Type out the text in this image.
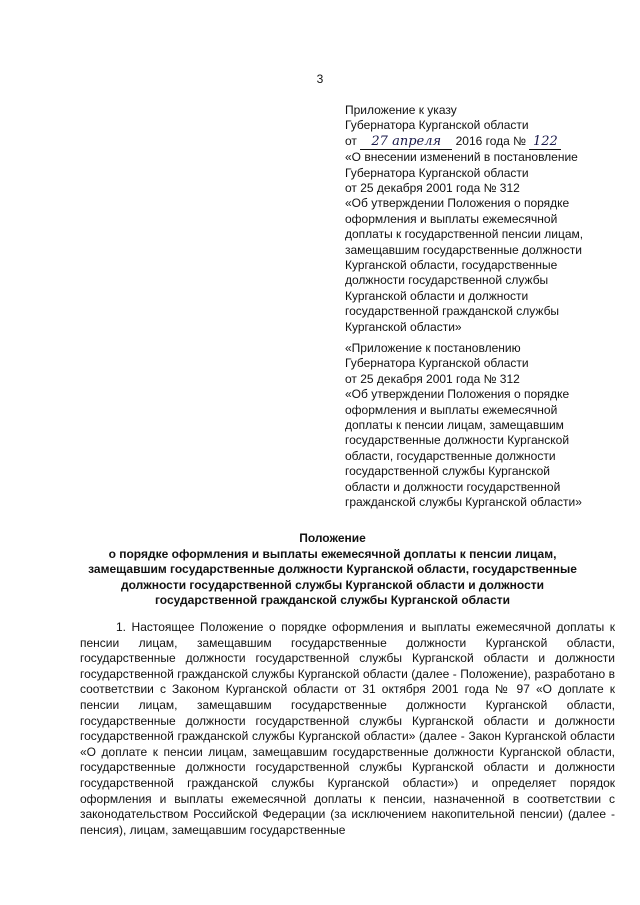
3
Приложение к указу
Губернатора Курганской области
от 27 апреля 2016 года № 122
«О внесении изменений в постановление
Губернатора Курганской области
от 25 декабря 2001 года № 312
«Об утверждении Положения о порядке
оформления и выплаты ежемесячной
доплаты к государственной пенсии лицам,
замещавшим государственные должности
Курганской области, государственные
должности государственной службы
Курганской области и должности
государственной гражданской службы
Курганской области»
«Приложение к постановлению
Губернатора Курганской области
от 25 декабря 2001 года № 312
«Об утверждении Положения о порядке
оформления и выплаты ежемесячной
доплаты к пенсии лицам, замещавшим
государственные должности Курганской
области, государственные должности
государственной службы Курганской
области и должности государственной
гражданской службы Курганской области»
Положение
о порядке оформления и выплаты ежемесячной доплаты к пенсии лицам,
замещавшим государственные должности Курганской области, государственные
должности государственной службы Курганской области и должности
государственной гражданской службы Курганской области
1. Настоящее Положение о порядке оформления и выплаты ежемесячной доплаты к пенсии лицам, замещавшим государственные должности Курганской области, государственные должности государственной службы Курганской области и должности государственной гражданской службы Курганской области (далее - Положение), разработано в соответствии с Законом Курганской области от 31 октября 2001 года № 97 «О доплате к пенсии лицам, замещавшим государственные должности Курганской области, государственные должности государственной службы Курганской области и должности государственной гражданской службы Курганской области» (далее - Закон Курганской области «О доплате к пенсии лицам, замещавшим государственные должности Курганской области, государственные должности государственной службы Курганской области и должности государственной гражданской службы Курганской области») и определяет порядок оформления и выплаты ежемесячной доплаты к пенсии, назначенной в соответствии с законодательством Российской Федерации (за исключением накопительной пенсии) (далее - пенсия), лицам, замещавшим государственные
